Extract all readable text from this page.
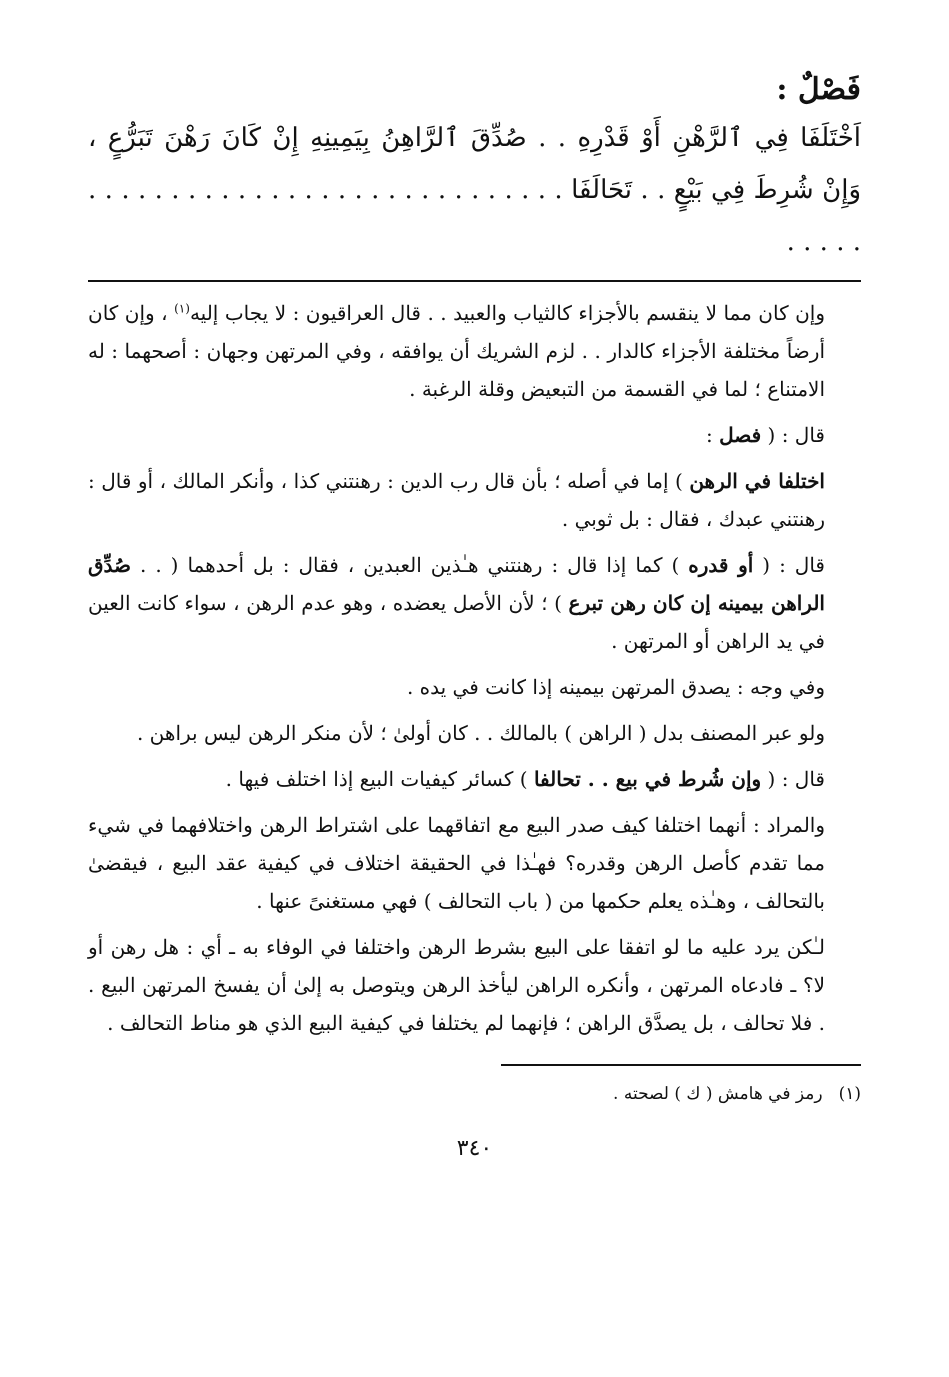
فَصْلٌ :

اَخْتَلَفَا فِي ٱلرَّهْنِ أَوْ قَدْرِهِ . . صُدِّقَ ٱلرَّاهِنُ بِيَمِينِهِ إِنْ كَانَ رَهْنَ تَبَرُّعٍ ، وَإِنْ شُرِطَ فِي بَيْعٍ . . تَحَالَفَا . . . . . . . . . . . . . . . . . . . . . . . . . . . . . . . . . .

وإن كان مما لا ينقسم بالأجزاء كالثياب والعبيد . . قال العراقيون : لا يجاب إليه$^{(١)}$ ، وإن كان أرضاً مختلفة الأجزاء كالدار . . لزم الشريك أن يوافقه ، وفي المرتهن وجهان : أصحهما : له الامتناع ؛ لما في القسمة من التبعيض وقلة الرغبة .

قال : ( فصل :

اختلفا في الرهن ) إما في أصله ؛ بأن قال رب الدين : رهنتني كذا ، وأنكر المالك ، أو قال : رهنتني عبدك ، فقال : بل ثوبي .

قال : ( أو قدره ) كما إذا قال : رهنتني هـٰذين العبدين ، فقال : بل أحدهما ( . . صُدِّق الراهن بيمينه إن كان رهن تبرع ) ؛ لأن الأصل يعضده ، وهو عدم الرهن ، سواء كانت العين في يد الراهن أو المرتهن .

وفي وجه : يصدق المرتهن بيمينه إذا كانت في يده .

ولو عبر المصنف بدل ( الراهن ) بالمالك . . كان أولىٰ ؛ لأن منكر الرهن ليس براهن .

قال : ( وإن شُرط في بيع . . تحالفا ) كسائر كيفيات البيع إذا اختلف فيها .

والمراد : أنهما اختلفا كيف صدر البيع مع اتفاقهما على اشتراط الرهن واختلافهما في شيء مما تقدم كأصل الرهن وقدره؟ فهـٰذا في الحقيقة اختلاف في كيفية عقد البيع ، فيقضىٰ بالتحالف ، وهـٰذه يعلم حكمها من ( باب التحالف ) فهي مستغنىً عنها .

لـٰكن يرد عليه ما لو اتفقا على البيع بشرط الرهن واختلفا في الوفاء به ـ أي : هل رهن أو لا؟ ـ فادعاه المرتهن ، وأنكره الراهن ليأخذ الرهن ويتوصل به إلىٰ أن يفسخ المرتهن البيع . . فلا تحالف ، بل يصدَّق الراهن ؛ فإنهما لم يختلفا في كيفية البيع الذي هو مناط التحالف .

(١)رمز في هامش ( ك ) لصحته .
٣٤٠
